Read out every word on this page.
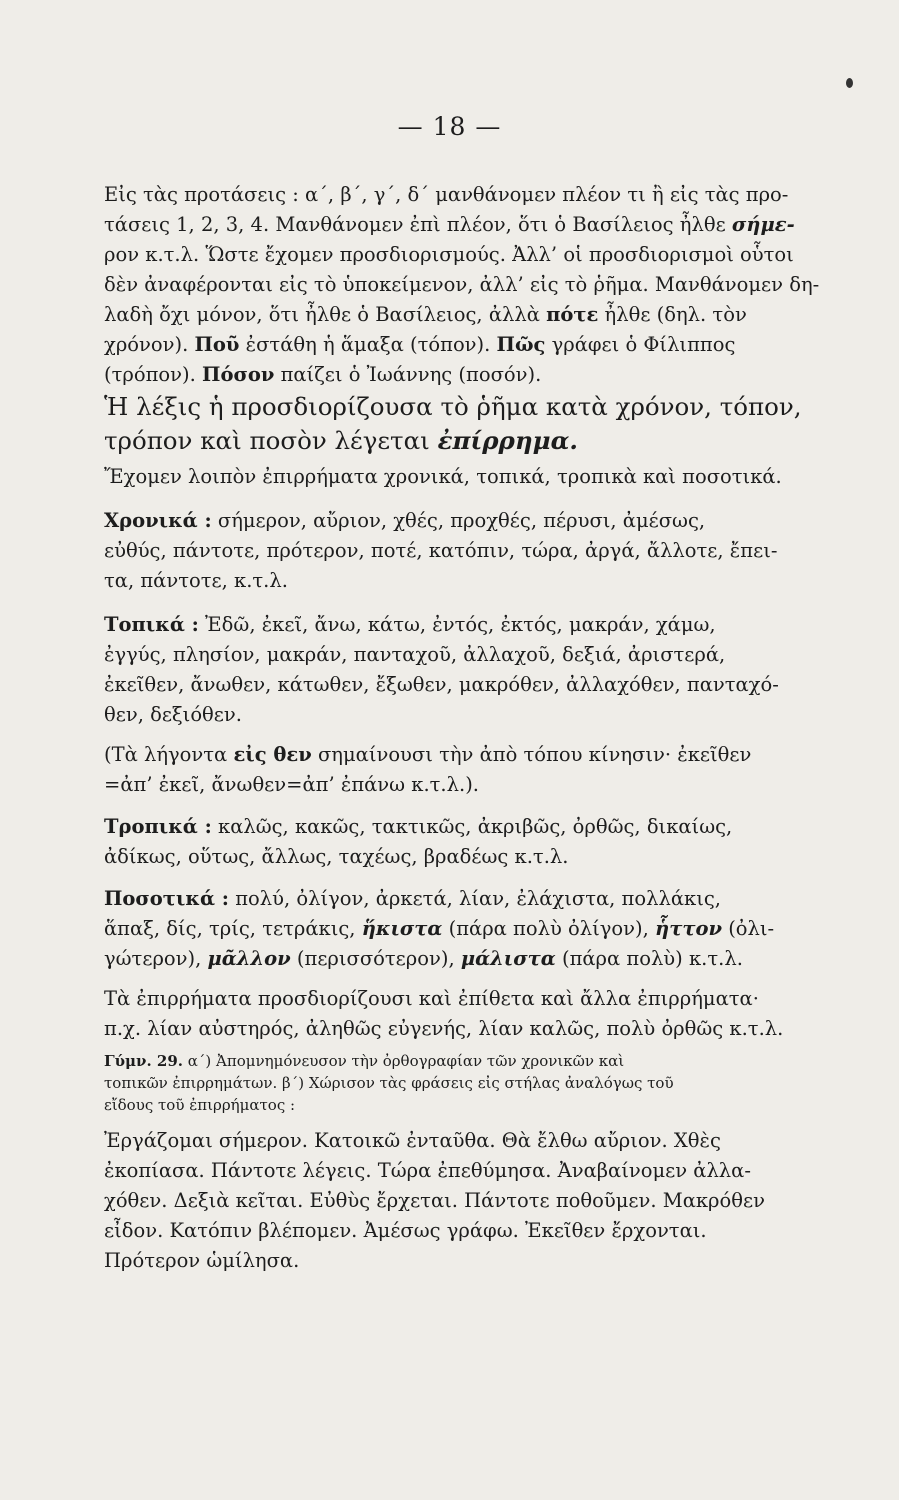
— 18 —
Εἰς τὰς προτάσεις : α΄, β΄, γ΄, δ΄ μανθάνομεν πλέον τι ἢ εἰς τὰς προ-
τάσεις 1, 2, 3, 4. Μανθάνομεν ἐπὶ πλέον, ὅτι ὁ Βασίλειος ἦλθε σήμε-
ρον κ.τ.λ. Ὥστε ἔχομεν προσδιορισμούς. Ἀλλ’ οἱ προσδιορισμοὶ οὗτοι
δὲν ἀναφέρονται εἰς τὸ ὑποκείμενον, ἀλλ’ εἰς τὸ ῥῆμα. Μανθάνομεν δη-
λαδὴ ὄχι μόνον, ὅτι ἦλθε ὁ Βασίλειος, ἀλλὰ πότε ἦλθε (δηλ. τὸν
χρόνον). Ποῦ ἐστάθη ἡ ἅμαξα (τόπον). Πῶς γράφει ὁ Φίλιππος
(τρόπον). Πόσον παίζει ὁ Ἰωάννης (ποσόν).
Ἡ λέξις ἡ προσδιορίζουσα τὸ ῥῆμα κατὰ χρόνον, τόπον,
τρόπον καὶ ποσὸν λέγεται ἐπίρρημα.
Ἔχομεν λοιπὸν ἐπιρρήματα χρονικά, τοπικά, τροπικὰ καὶ ποσοτικά.
Χρονικά : σήμερον, αὔριον, χθές, προχθές, πέρυσι, ἀμέσως,
εὐθύς, πάντοτε, πρότερον, ποτέ, κατόπιν, τώρα, ἀργά, ἄλλοτε, ἔπει-
τα, πάντοτε, κ.τ.λ.
Τοπικά : Ἐδῶ, ἐκεῖ, ἄνω, κάτω, ἐντός, ἐκτός, μακράν, χάμω,
ἐγγύς, πλησίον, μακράν, πανταχοῦ, ἀλλαχοῦ, δεξιά, ἀριστερά,
ἐκεῖθεν, ἄνωθεν, κάτωθεν, ἔξωθεν, μακρόθεν, ἀλλαχόθεν, πανταχό-
θεν, δεξιόθεν.
(Τὰ λήγοντα εἰς θεν σημαίνουσι τὴν ἀπὸ τόπου κίνησιν· ἐκεῖθεν
=ἀπ’ ἐκεῖ, ἄνωθεν=ἀπ’ ἐπάνω κ.τ.λ.).
Τροπικά : καλῶς, κακῶς, τακτικῶς, ἀκριβῶς, ὀρθῶς, δικαίως,
ἀδίκως, οὕτως, ἄλλως, ταχέως, βραδέως κ.τ.λ.
Ποσοτικά : πολύ, ὀλίγον, ἀρκετά, λίαν, ἐλάχιστα, πολλάκις,
ἅπαξ, δίς, τρίς, τετράκις, ἥκιστα (πάρα πολὺ ὀλίγον), ἧττον (ὀλι-
γώτερον), μᾶλλον (περισσότερον), μάλιστα (πάρα πολὺ) κ.τ.λ.
Τὰ ἐπιρρήματα προσδιορίζουσι καὶ ἐπίθετα καὶ ἄλλα ἐπιρρήματα·
π.χ. λίαν αὐστηρός, ἀληθῶς εὐγενής, λίαν καλῶς, πολὺ ὀρθῶς κ.τ.λ.
Γύμν. 29. α΄) Ἀπομνημόνευσον τὴν ὀρθογραφίαν τῶν χρονικῶν καὶ
τοπικῶν ἐπιρρημάτων. β΄) Χώρισον τὰς φράσεις εἰς στήλας ἀναλόγως τοῦ
εἴδους τοῦ ἐπιρρήματος :
Ἐργάζομαι σήμερον. Κατοικῶ ἐνταῦθα. Θὰ ἔλθω αὔριον. Χθὲς
ἐκοπίασα. Πάντοτε λέγεις. Τώρα ἐπεθύμησα. Ἀναβαίνομεν ἀλλα-
χόθεν. Δεξιὰ κεῖται. Εὐθὺς ἔρχεται. Πάντοτε ποθοῦμεν. Μακρόθεν
εἶδον. Κατόπιν βλέπομεν. Ἀμέσως γράφω. Ἐκεῖθεν ἔρχονται.
Πρότερον ὡμίλησα.
